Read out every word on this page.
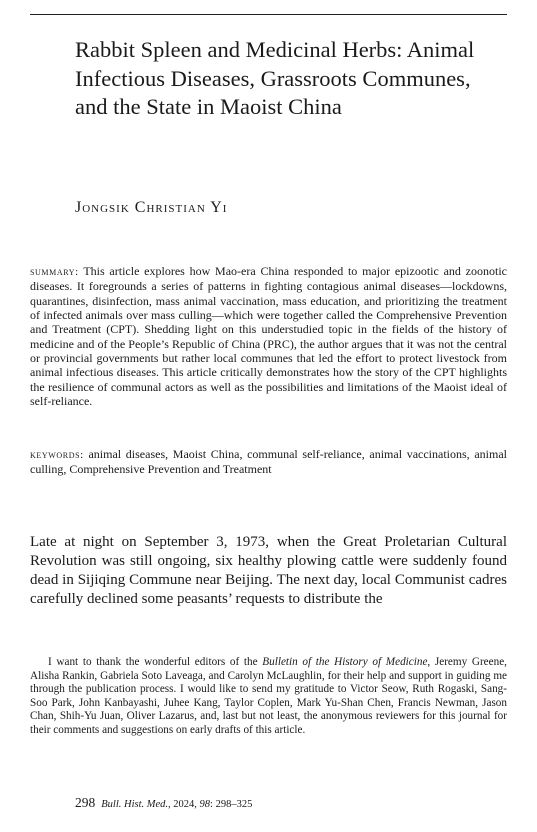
Rabbit Spleen and Medicinal Herbs: Animal Infectious Diseases, Grassroots Communes, and the State in Maoist China
Jongsik Christian Yi

summary: This article explores how Mao-era China responded to major epizootic and zoonotic diseases. It foregrounds a series of patterns in fighting contagious animal diseases—lockdowns, quarantines, disinfection, mass animal vaccination, mass education, and prioritizing the treatment of infected animals over mass culling—which were together called the Comprehensive Prevention and Treatment (CPT). Shedding light on this understudied topic in the fields of the history of medicine and of the People’s Republic of China (PRC), the author argues that it was not the central or provincial governments but rather local communes that led the effort to protect livestock from animal infectious diseases. This article critically demonstrates how the story of the CPT highlights the resilience of communal actors as well as the possibilities and limitations of the Maoist ideal of self-reliance.

keywords: animal diseases, Maoist China, communal self-reliance, animal vaccinations, animal culling, Comprehensive Prevention and Treatment

Late at night on September 3, 1973, when the Great Proletarian Cultural Revolution was still ongoing, six healthy plowing cattle were suddenly found dead in Sijiqing Commune near Beijing. The next day, local Communist cadres carefully declined some peasants’ requests to distribute the

I want to thank the wonderful editors of the Bulletin of the History of Medicine, Jeremy Greene, Alisha Rankin, Gabriela Soto Laveaga, and Carolyn McLaughlin, for their help and support in guiding me through the publication process. I would like to send my gratitude to Victor Seow, Ruth Rogaski, Sang-Soo Park, John Kanbayashi, Juhee Kang, Taylor Coplen, Mark Yu-Shan Chen, Francis Newman, Jason Chan, Shih-Yu Juan, Oliver Lazarus, and, last but not least, the anonymous reviewers for this journal for their comments and suggestions on early drafts of this article.

298 Bull. Hist. Med., 2024, 98: 298–325
